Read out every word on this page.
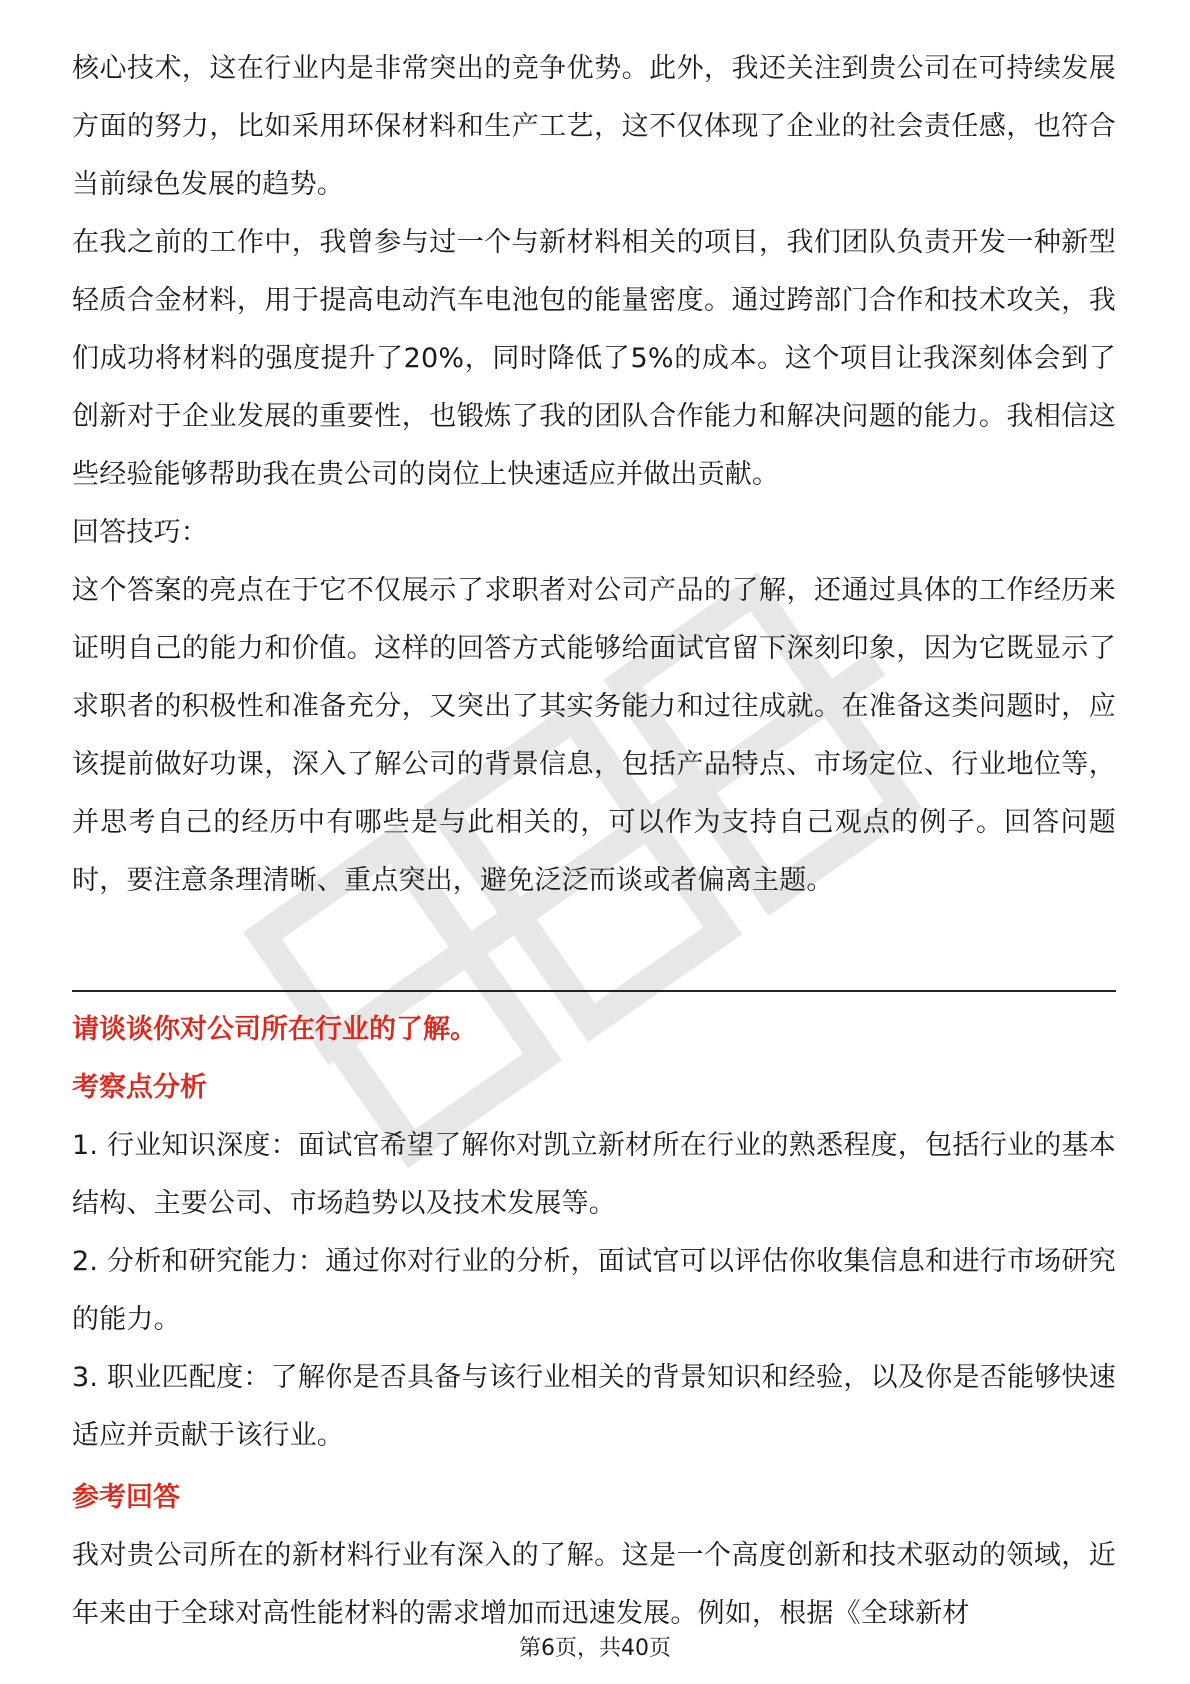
核心技术，这在行业内是非常突出的竞争优势。此外，我还关注到贵公司在可持续发展方面的努力，比如采用环保材料和生产工艺，这不仅体现了企业的社会责任感，也符合当前绿色发展的趋势。

在我之前的工作中，我曾参与过一个与新材料相关的项目，我们团队负责开发一种新型轻质合金材料，用于提高电动汽车电池包的能量密度。通过跨部门合作和技术攻关，我们成功将材料的强度提升了20%，同时降低了5%的成本。这个项目让我深刻体会到了创新对于企业发展的重要性，也锻炼了我的团队合作能力和解决问题的能力。我相信这些经验能够帮助我在贵公司的岗位上快速适应并做出贡献。

回答技巧：

这个答案的亮点在于它不仅展示了求职者对公司产品的了解，还通过具体的工作经历来证明自己的能力和价值。这样的回答方式能够给面试官留下深刻印象，因为它既显示了求职者的积极性和准备充分，又突出了其实务能力和过往成就。在准备这类问题时，应该提前做好功课，深入了解公司的背景信息，包括产品特点、市场定位、行业地位等，并思考自己的经历中有哪些是与此相关的，可以作为支持自己观点的例子。回答问题时，要注意条理清晰、重点突出，避免泛泛而谈或者偏离主题。

请谈谈你对公司所在行业的了解。

考察点分析

1. 行业知识深度：面试官希望了解你对凯立新材所在行业的熟悉程度，包括行业的基本结构、主要公司、市场趋势以及技术发展等。

2. 分析和研究能力：通过你对行业的分析，面试官可以评估你收集信息和进行市场研究的能力。

3. 职业匹配度：了解你是否具备与该行业相关的背景知识和经验，以及你是否能够快速适应并贡献于该行业。

参考回答

我对贵公司所在的新材料行业有深入的了解。这是一个高度创新和技术驱动的领域，近年来由于全球对高性能材料的需求增加而迅速发展。例如，根据《全球新材

第6页，共40页
